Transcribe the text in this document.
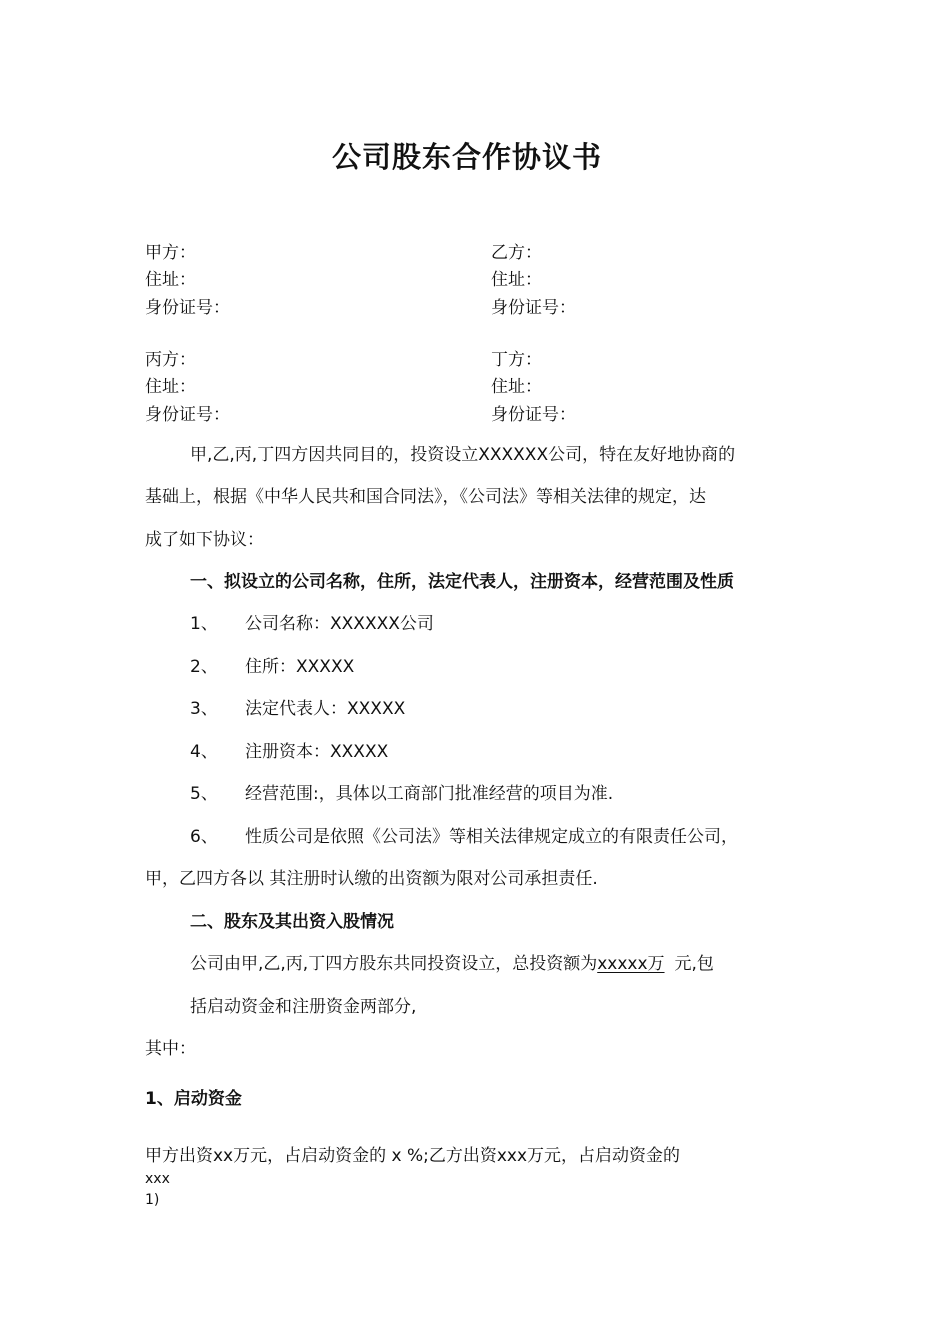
公司股东合作协议书
甲方：
住址：
身份证号：
乙方：
住址：
身份证号：
丙方：
住址：
身份证号：
丁方：
住址：
身份证号：
甲,乙,丙,丁四方因共同目的，投资设立XXXXXX公司，特在友好地协商的
基础上，根据《中华人民共和国合同法》，《公司法》等相关法律的规定，达
成了如下协议：
一、拟设立的公司名称，住所，法定代表人，注册资本，经营范围及性质
1、 公司名称：XXXXXX公司
2、 住所：XXXXX
3、 法定代表人：XXXXX
4、 注册资本：XXXXX
5、 经营范围:，具体以工商部门批准经营的项目为准.
6、 性质公司是依照《公司法》等相关法律规定成立的有限责任公司，
甲，乙四方各以 其注册时认缴的出资额为限对公司承担责任.
二、股东及其出资入股情况
公司由甲,乙,丙,丁四方股东共同投资设立，总投资额为xxxxx万 元,包
括启动资金和注册资金两部分,
其中：
1、启动资金
甲方出资xx万元，占启动资金的 x %;乙方出资xxx万元，占启动资金的
xxx
1)
